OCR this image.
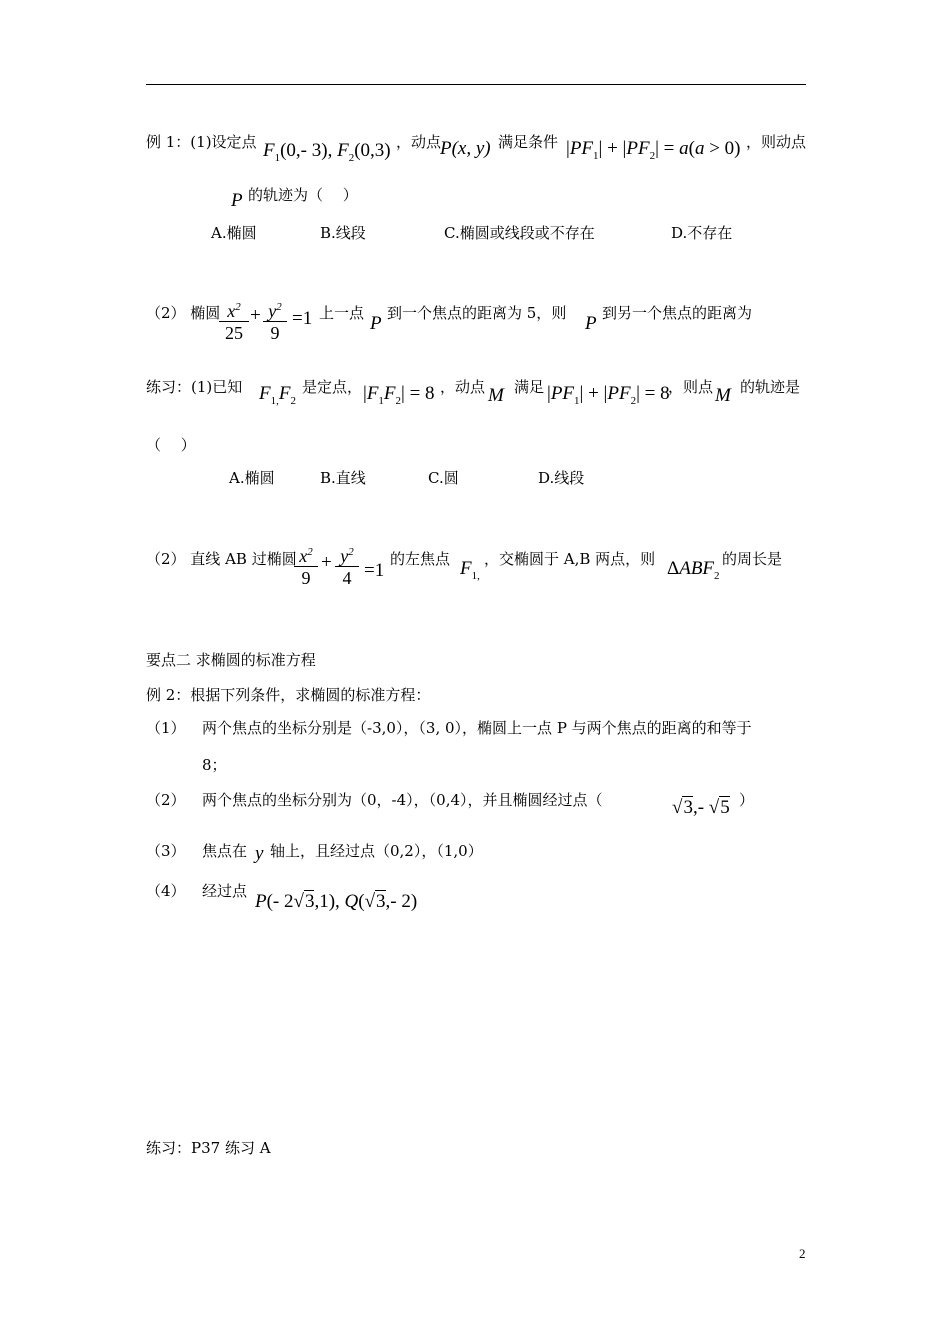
例 1：(1)设定点 $F_1(0,-$ 3), $F_2(0,3)$ ，动点
P(x, y) 满足条件 $|PF_1| + |PF_2| = a(a > 0)$ ，则动点
P 的轨迹为（　 ）
A.椭圆	B.线段	C.椭圆或线段或不存在	D.不存在
（2） 椭圆 $x^2$
25
+ $y^2$
9
=1 上一点 P 到一个焦点的距离为 5，则 P 到另一个焦点的距离为
练习：(1)已知 $F_{1,}F_2$
是定点， $|F_1F_2| = 8$ ，动点 M 满足 $|PF_1| + |PF_2| = 8$
，则点 M 的轨迹是
（　 ）
A.椭圆	B.直线	C.圆	D.线段
（2） 直线 AB 过椭圆 $x^2$
9
+ $y^2$
4 =1
的左焦点 $F_{1,}$
，交椭圆于 A,B 两点，则 $\Delta ABF_2$
的周长是
要点二 求椭圆的标准方程
例 2：根据下列条件，求椭圆的标准方程：
（1） 两个焦点的坐标分别是（-3,0），（3, 0），椭圆上一点 P 与两个焦点的距离的和等于
8；
（2） 两个焦点的坐标分别为（0，-4），（0,4），并且椭圆经过点（	√3,- √5 ）
（3） 焦点在 y 轴上，且经过点（0,2），（1,0）
（4） 经过点 P(- 2√3,1), Q(√3,- 2)
练习：P37 练习 A
2
